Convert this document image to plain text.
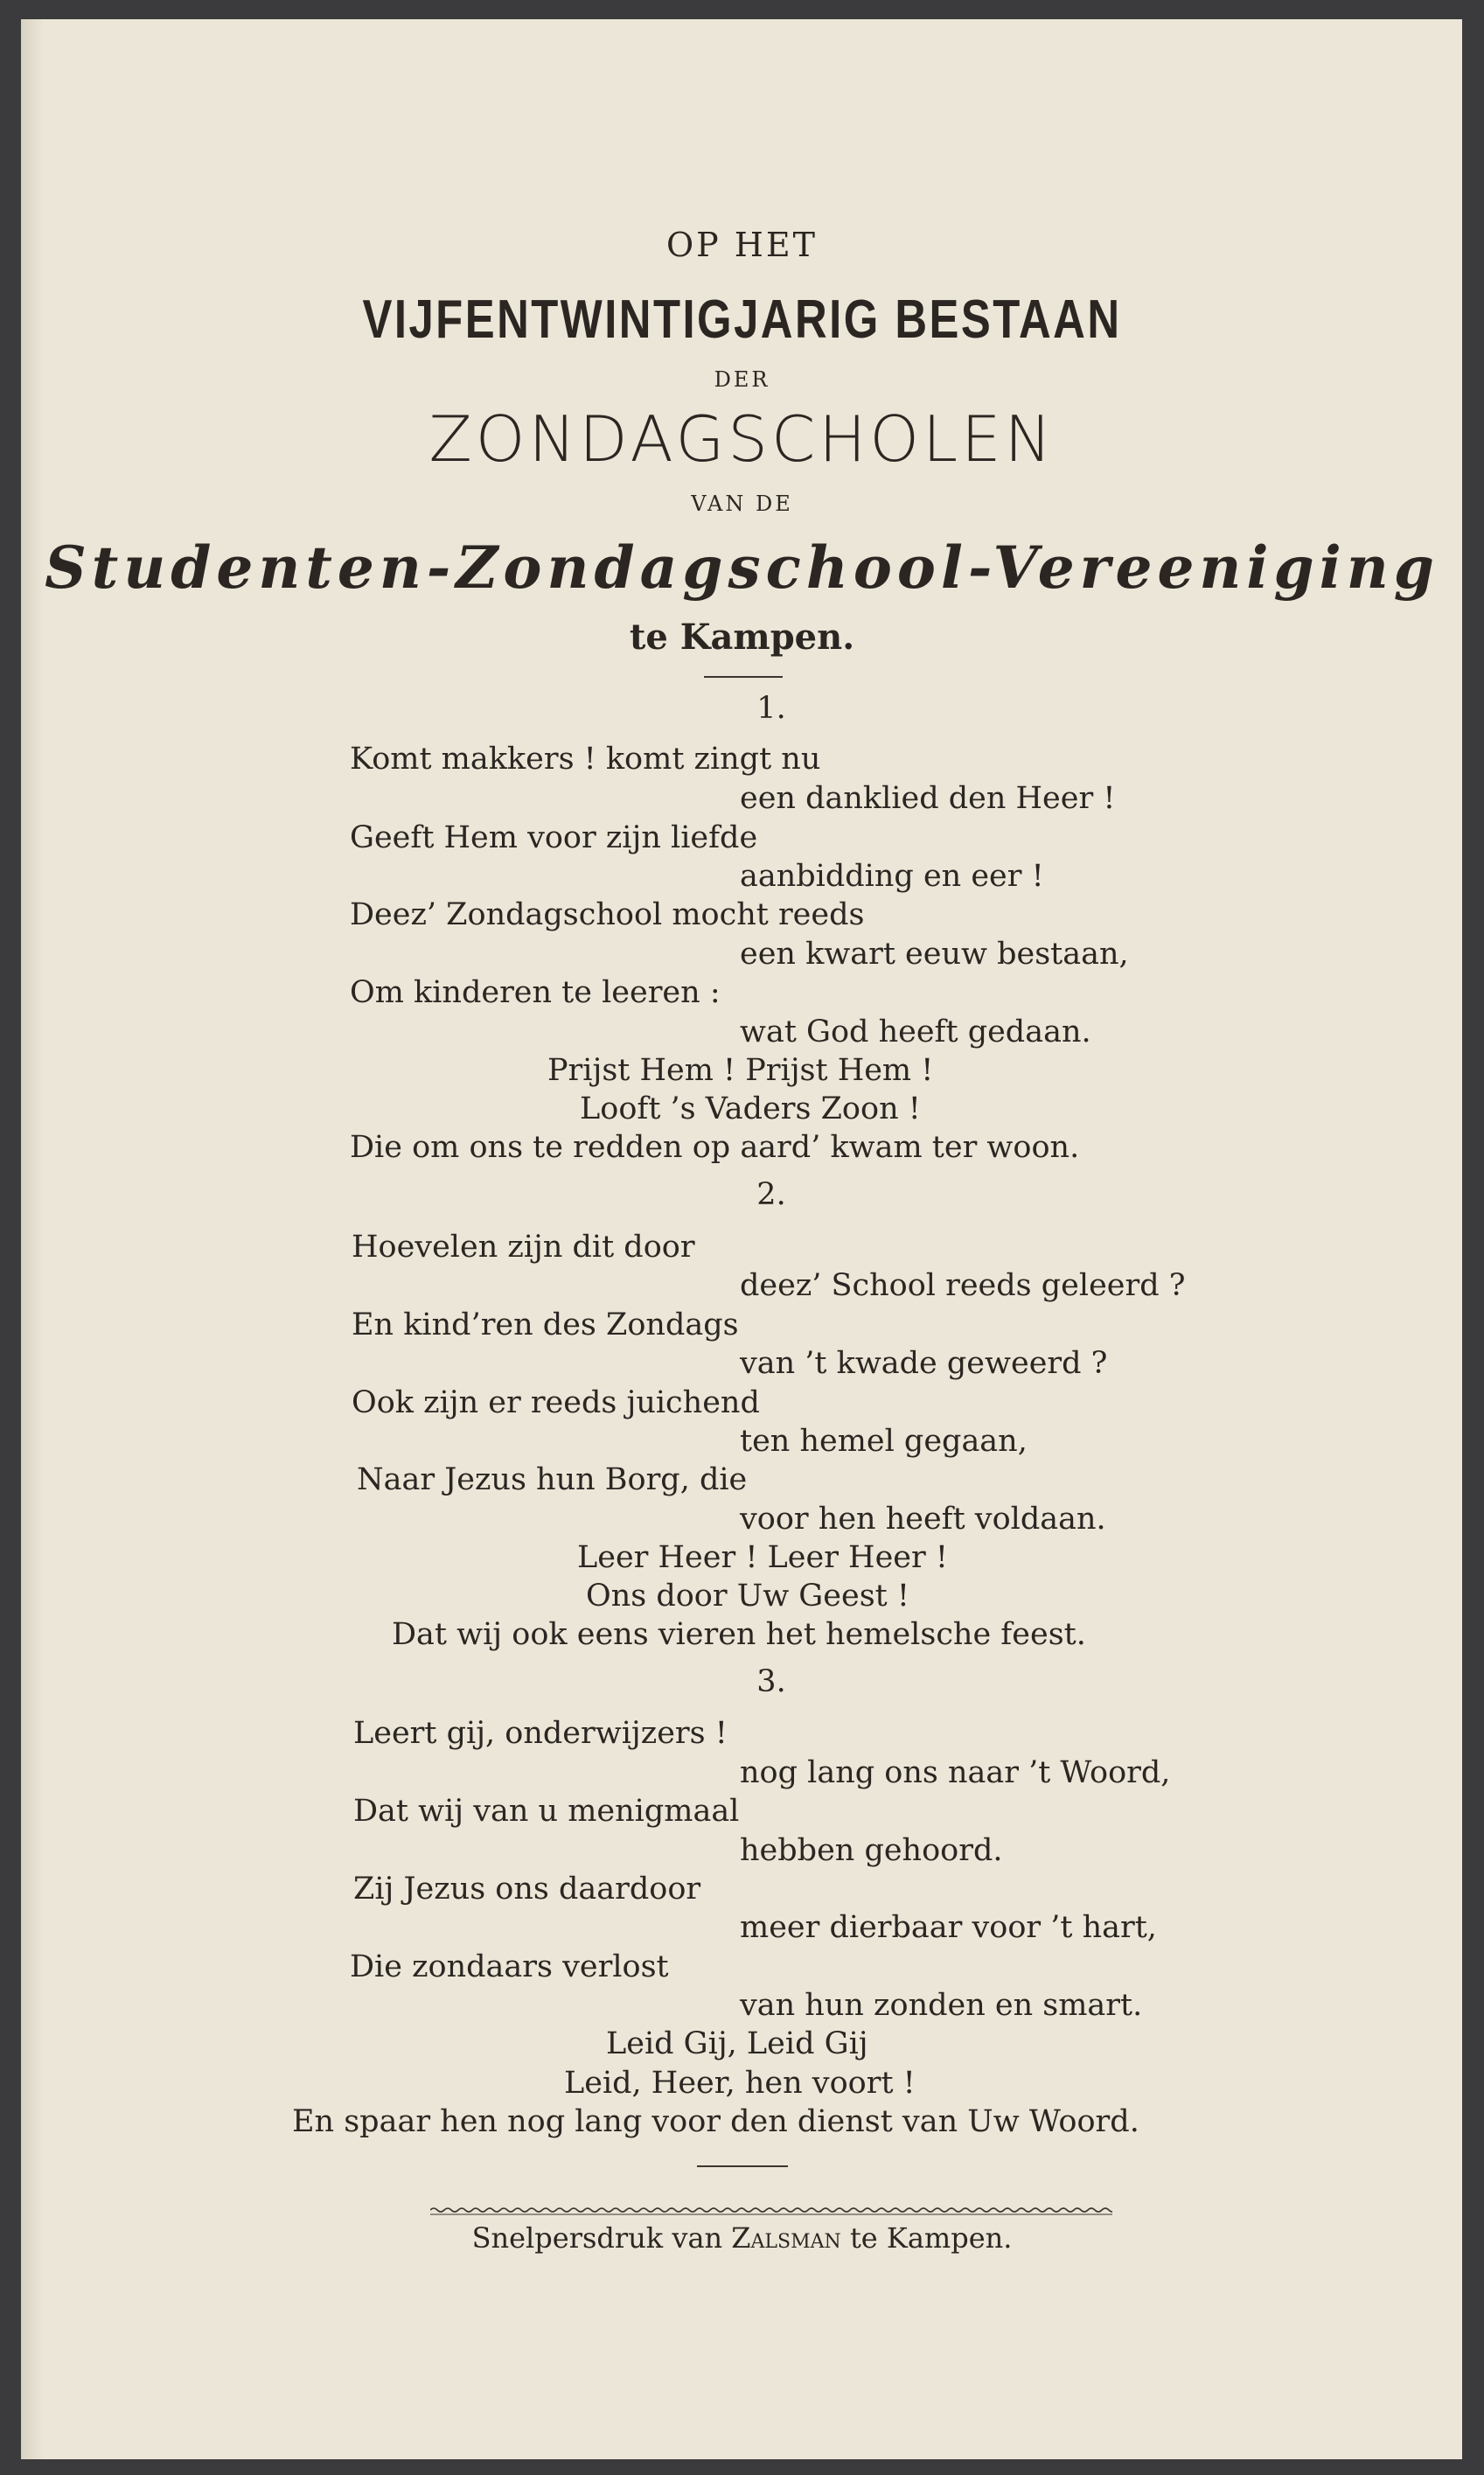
OP HET
VIJFENTWINTIGJARIG BESTAAN
DER
ZONDAGSCHOLEN
VAN DE
Studenten-Zondagschool-Vereeniging
te Kampen.
1.
Komt makkers ! komt zingt nu
een danklied den Heer !
Geeft Hem voor zijn liefde
aanbidding en eer !
Deez’ Zondagschool mocht reeds
een kwart eeuw bestaan,
Om kinderen te leeren :
wat God heeft gedaan.
Prijst Hem ! Prijst Hem !
Looft ’s Vaders Zoon !
Die om ons te redden op aard’ kwam ter woon.
2.
Hoevelen zijn dit door
deez’ School reeds geleerd ?
En kind’ren des Zondags
van ’t kwade geweerd ?
Ook zijn er reeds juichend
ten hemel gegaan,
Naar Jezus hun Borg, die
voor hen heeft voldaan.
Leer Heer ! Leer Heer !
Ons door Uw Geest !
Dat wij ook eens vieren het hemelsche feest.
3.
Leert gij, onderwijzers !
nog lang ons naar ’t Woord,
Dat wij van u menigmaal
hebben gehoord.
Zij Jezus ons daardoor
meer dierbaar voor ’t hart,
Die zondaars verlost
van hun zonden en smart.
Leid Gij, Leid Gij
Leid, Heer, hen voort !
En spaar hen nog lang voor den dienst van Uw Woord.
Snelpersdruk van Zalsman te Kampen.
